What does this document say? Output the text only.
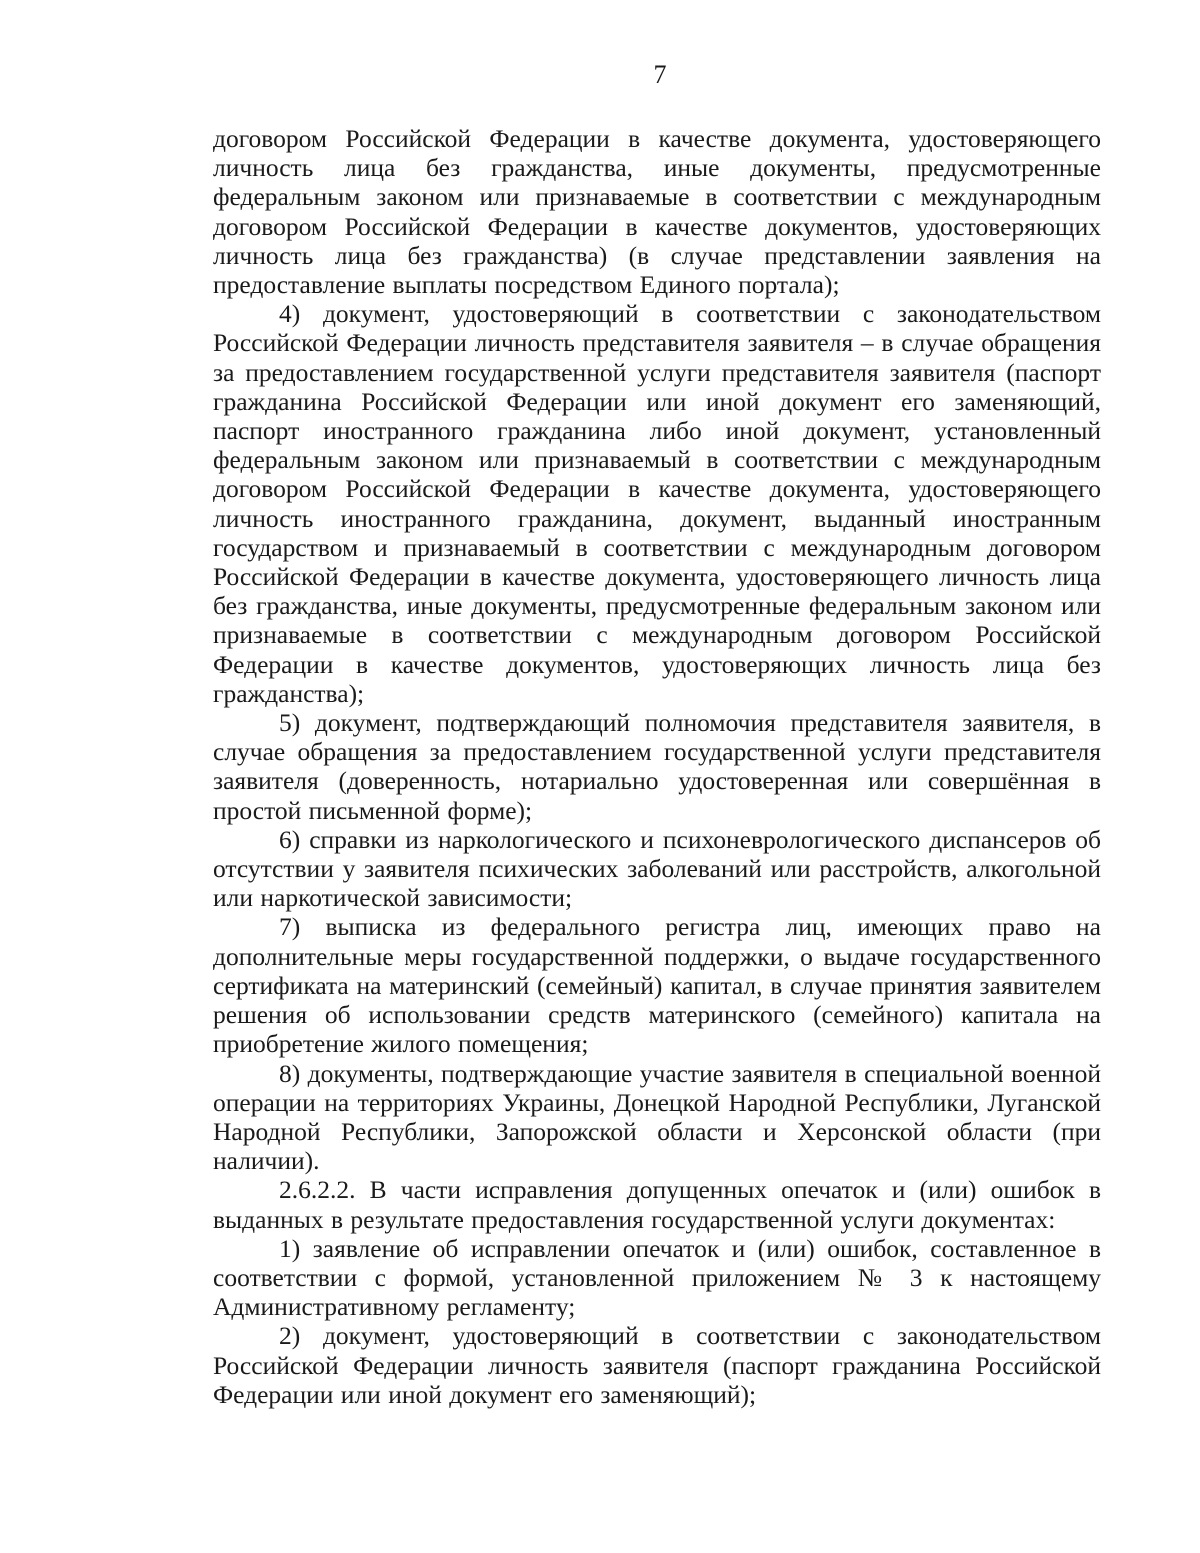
7

договором Российской Федерации в качестве документа, удостоверяющего личность лица без гражданства, иные документы, предусмотренные федеральным законом или признаваемые в соответствии с международным договором Российской Федерации в качестве документов, удостоверяющих личность лица без гражданства) (в случае представлении заявления на предоставление выплаты посредством Единого портала);

4) документ, удостоверяющий в соответствии с законодательством Российской Федерации личность представителя заявителя – в случае обращения за предоставлением государственной услуги представителя заявителя (паспорт гражданина Российской Федерации или иной документ его заменяющий, паспорт иностранного гражданина либо иной документ, установленный федеральным законом или признаваемый в соответствии с международным договором Российской Федерации в качестве документа, удостоверяющего личность иностранного гражданина, документ, выданный иностранным государством и признаваемый в соответствии с международным договором Российской Федерации в качестве документа, удостоверяющего личность лица без гражданства, иные документы, предусмотренные федеральным законом или признаваемые в соответствии с международным договором Российской Федерации в качестве документов, удостоверяющих личность лица без гражданства);

5) документ, подтверждающий полномочия представителя заявителя, в случае обращения за предоставлением государственной услуги представителя заявителя (доверенность, нотариально удостоверенная или совершённая в простой письменной форме);

6) справки из наркологического и психоневрологического диспансеров об отсутствии у заявителя психических заболеваний или расстройств, алкогольной или наркотической зависимости;

7) выписка из федерального регистра лиц, имеющих право на дополнительные меры государственной поддержки, о выдаче государственного сертификата на материнский (семейный) капитал, в случае принятия заявителем решения об использовании средств материнского (семейного) капитала на приобретение жилого помещения;

8) документы, подтверждающие участие заявителя в специальной военной операции на территориях Украины, Донецкой Народной Республики, Луганской Народной Республики, Запорожской области и Херсонской области (при наличии).

2.6.2.2. В части исправления допущенных опечаток и (или) ошибок в выданных в результате предоставления государственной услуги документах:

1) заявление об исправлении опечаток и (или) ошибок, составленное в соответствии с формой, установленной приложением № 3 к настоящему Административному регламенту;

2) документ, удостоверяющий в соответствии с законодательством Российской Федерации личность заявителя (паспорт гражданина Российской Федерации или иной документ его заменяющий);
